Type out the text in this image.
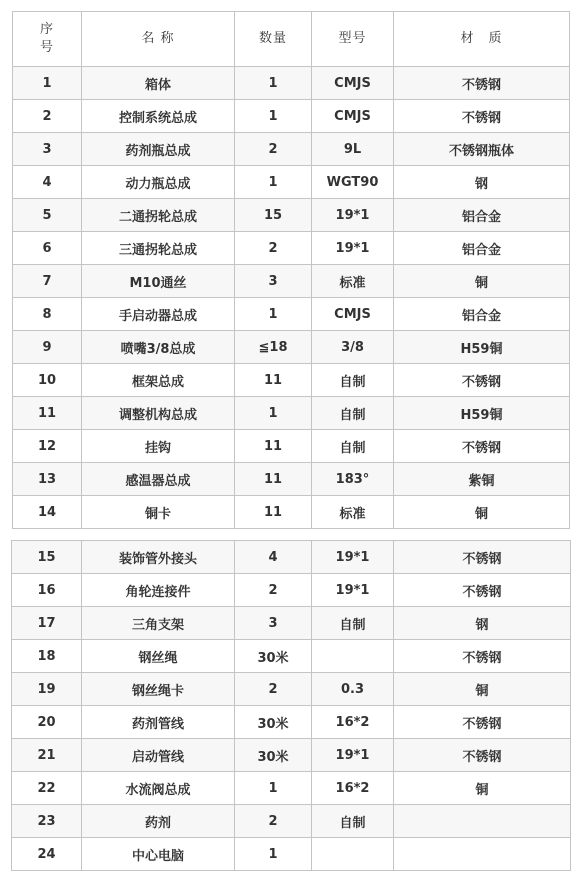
序号	名 称	数量	型号	材　质
1	箱体	1	CMJS	不锈钢
2	控制系统总成	1	CMJS	不锈钢
3	药剂瓶总成	2	9L	不锈钢瓶体
4	动力瓶总成	1	WGT90	钢
5	二通拐轮总成	15	19*1	铝合金
6	三通拐轮总成	2	19*1	铝合金
7	M10通丝	3	标准	铜
8	手启动器总成	1	CMJS	铝合金
9	喷嘴3/8总成	≦18	3/8	H59铜
10	框架总成	11	自制	不锈钢
11	调整机构总成	1	自制	H59铜
12	挂钩	11	自制	不锈钢
13	感温器总成	11	183°	紫铜
14	铜卡	11	标准	铜
15	装饰管外接头	4	19*1	不锈钢
16	角轮连接件	2	19*1	不锈钢
17	三角支架	3	自制	钢
18	钢丝绳	30米		不锈钢
19	钢丝绳卡	2	0.3	铜
20	药剂管线	30米	16*2	不锈钢
21	启动管线	30米	19*1	不锈钢
22	水流阀总成	1	16*2	铜
23	药剂	2	自制	
24	中心电脑	1		
